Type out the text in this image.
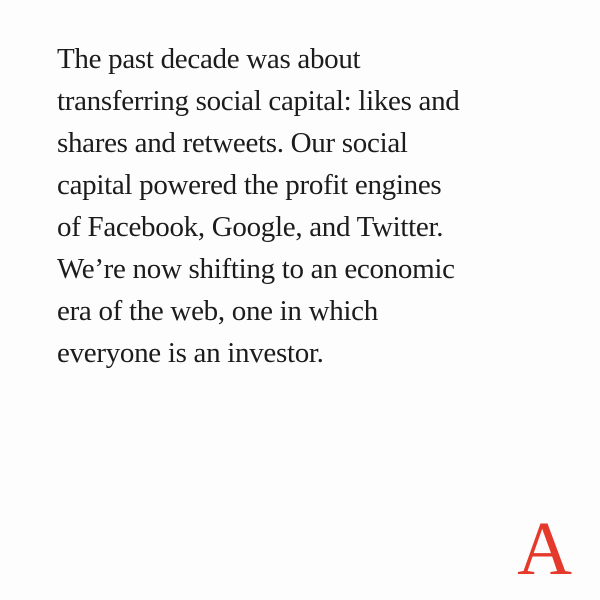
The past decade was about
transferring social capital: likes and
shares and retweets. Our social
capital powered the profit engines
of Facebook, Google, and Twitter.
We’re now shifting to an economic
era of the web, one in which
everyone is an investor.
A
